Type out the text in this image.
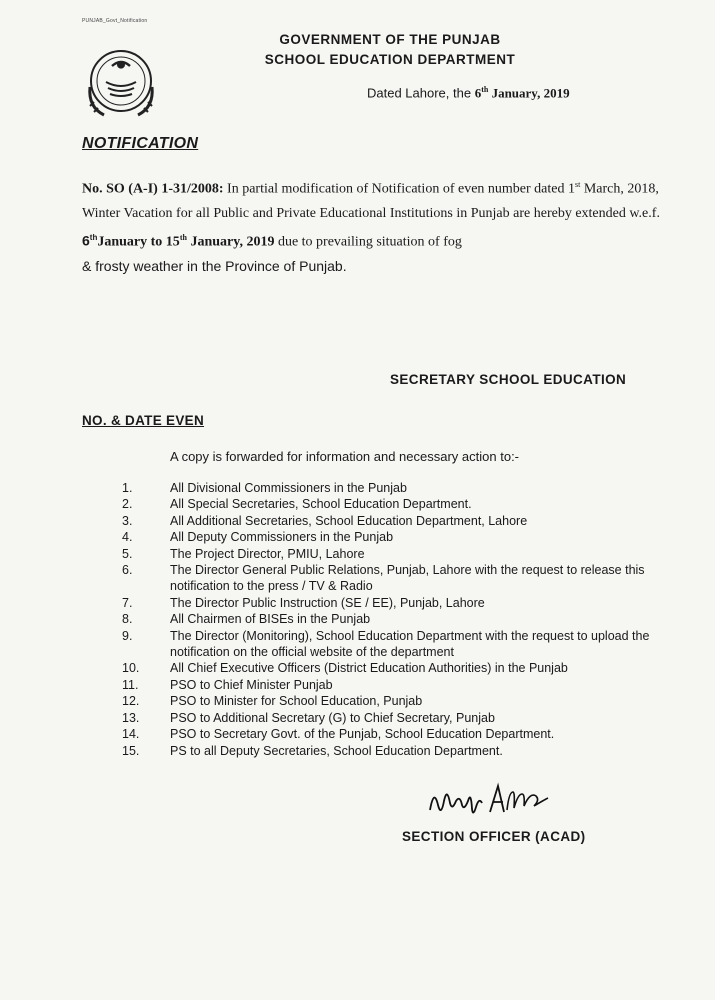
PUNJAB_Govt_Notification
GOVERNMENT OF THE PUNJAB
SCHOOL EDUCATION DEPARTMENT
Dated Lahore, the 6th January, 2019
NOTIFICATION
No. SO (A-I) 1-31/2008: In partial modification of Notification of even number dated 1st March, 2018, Winter Vacation for all Public and Private Educational Institutions in Punjab are hereby extended w.e.f. 6thJanuary to 15th January, 2019 due to prevailing situation of fog
& frosty weather in the Province of Punjab.
SECRETARY SCHOOL EDUCATION
NO. & DATE EVEN
A copy is forwarded for information and necessary action to:-
1.	All Divisional Commissioners in the Punjab
2.	All Special Secretaries, School Education Department.
3.	All Additional Secretaries, School Education Department, Lahore
4.	All Deputy Commissioners in the Punjab
5.	The Project Director, PMIU, Lahore
6.	The Director General Public Relations, Punjab, Lahore with the request to release this notification to the press / TV & Radio
7.	The Director Public Instruction (SE / EE), Punjab, Lahore
8.	All Chairmen of BISEs in the Punjab
9.	The Director (Monitoring), School Education Department with the request to upload the notification on the official website of the department
10.	All Chief Executive Officers (District Education Authorities) in the Punjab
11.	PSO to Chief Minister Punjab
12.	PSO to Minister for School Education, Punjab
13.	PSO to Additional Secretary (G) to Chief Secretary, Punjab
14.	PSO to Secretary Govt. of the Punjab, School Education Department.
15.	PS to all Deputy Secretaries, School Education Department.
SECTION OFFICER (ACAD)
